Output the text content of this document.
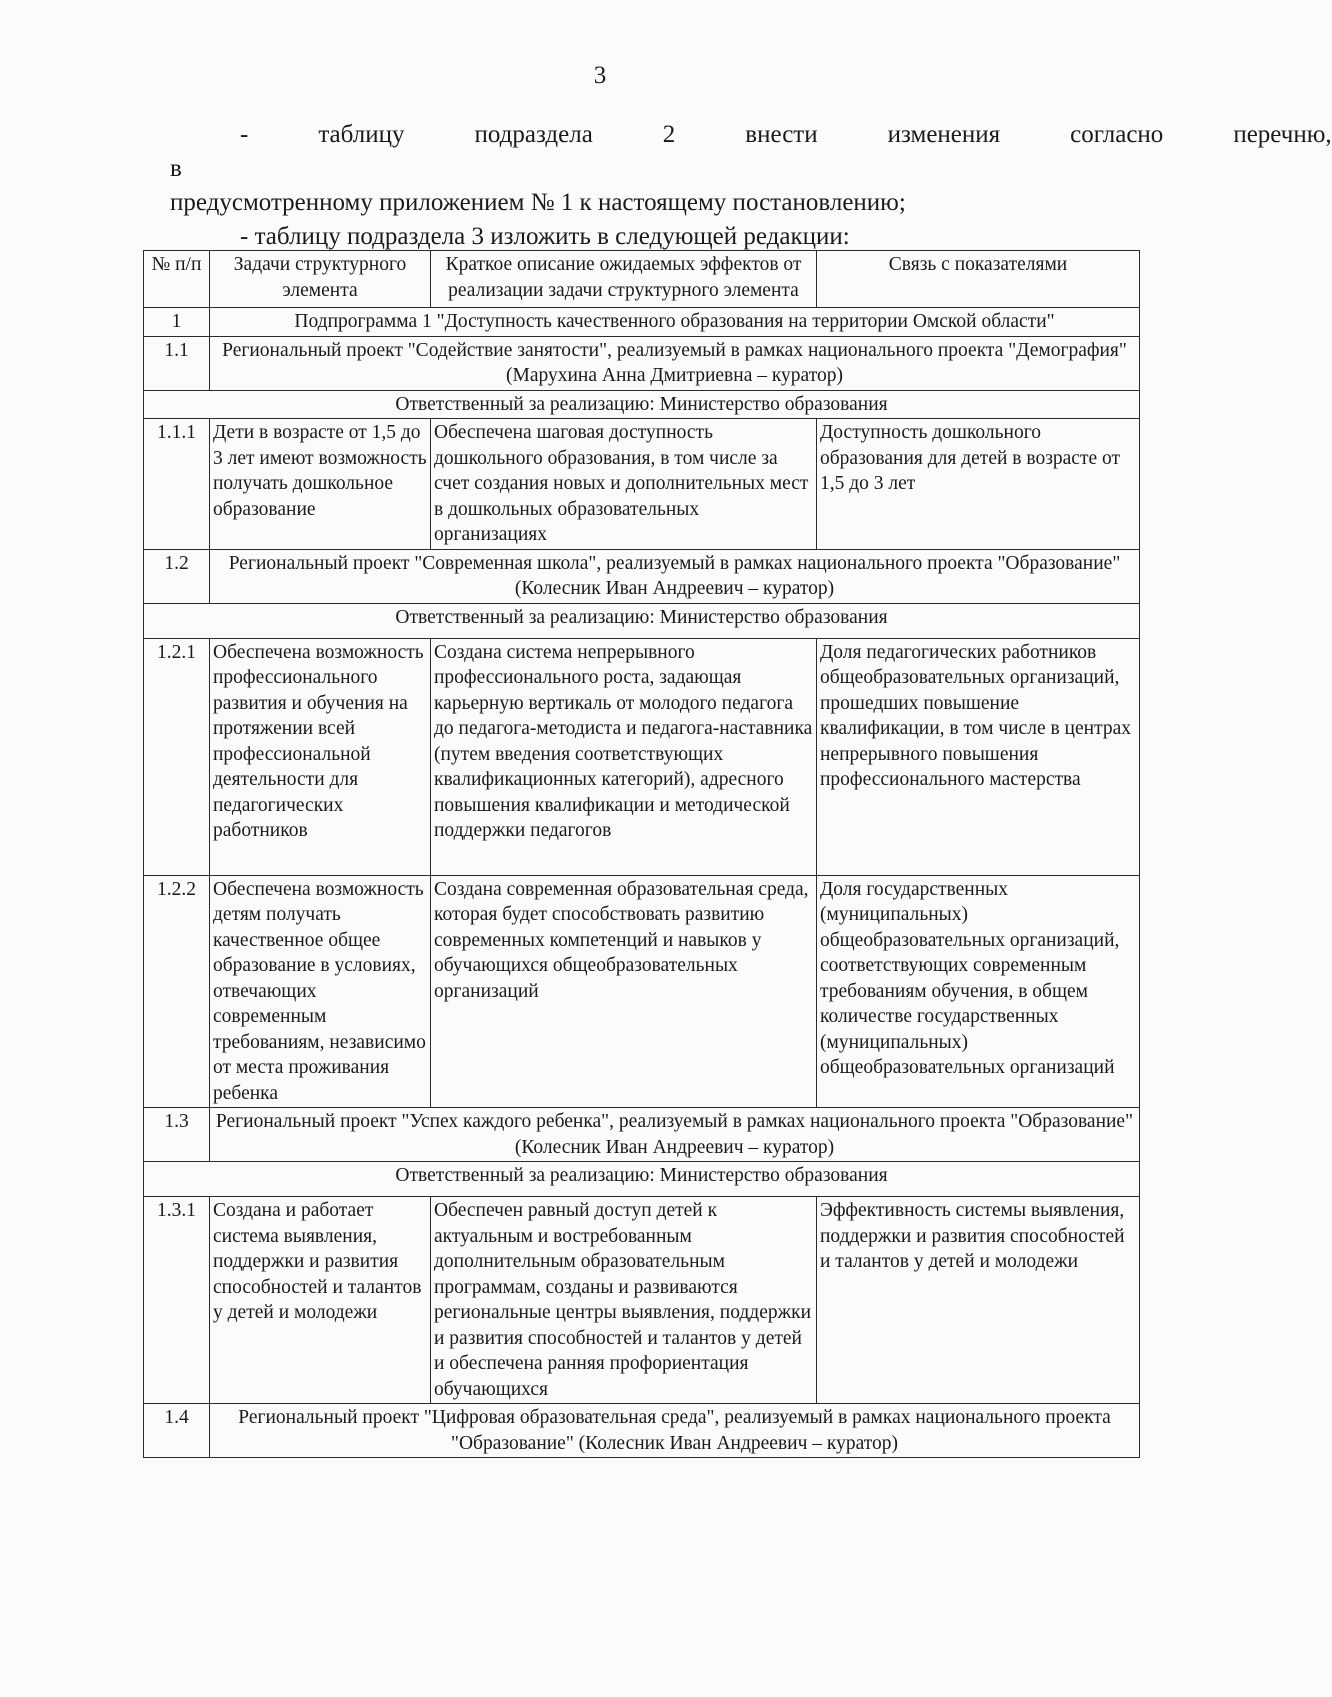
3
- в
таблицу	подраздела	2	внести	изменения	согласно	перечню,
предусмотренному приложением № 1 к настоящему постановлению;
- таблицу подраздела 3 изложить в следующей редакции:
№ п/п	Задачи структурного элемента	Краткое описание ожидаемых эффектов от реализации задачи структурного элемента	Связь с показателями
1	Подпрограмма 1 "Доступность качественного образования на территории Омской области"		
1.1	Региональный проект "Содействие занятости", реализуемый в рамках национального проекта "Демография" (Марухина Анна Дмитриевна – куратор)		
Ответственный за реализацию: Министерство образования			
1.1.1	Дети в возрасте от 1,5 до 3 лет имеют возможность получать дошкольное образование	Обеспечена шаговая доступность дошкольного образования, в том числе за счет создания новых и дополнительных мест в дошкольных образовательных организациях	Доступность дошкольного образования для детей в возрасте от 1,5 до 3 лет
1.2	Региональный проект "Современная школа", реализуемый в рамках национального проекта "Образование" (Колесник Иван Андреевич – куратор)		
Ответственный за реализацию: Министерство образования			
1.2.1	Обеспечена возможность профессионального развития и обучения на протяжении всей профессиональной деятельности для педагогических работников	Создана система непрерывного профессионального роста, задающая карьерную вертикаль от молодого педагога до педагога-методиста и педагога-наставника (путем введения соответствующих квалификационных категорий), адресного повышения квалификации и методической поддержки педагогов	Доля педагогических работников общеобразовательных организаций, прошедших повышение квалификации, в том числе в центрах непрерывного повышения профессионального мастерства
1.2.2	Обеспечена возможность детям получать качественное общее образование в условиях, отвечающих современным требованиям, независимо от места проживания ребенка	Создана современная образовательная среда, которая будет способствовать развитию современных компетенций и навыков у обучающихся общеобразовательных организаций	Доля государственных (муниципальных) общеобразовательных организаций, соответствующих современным требованиям обучения, в общем количестве государственных (муниципальных) общеобразовательных организаций
1.3	Региональный проект "Успех каждого ребенка", реализуемый в рамках национального проекта "Образование" (Колесник Иван Андреевич – куратор)		
Ответственный за реализацию: Министерство образования			
1.3.1	Создана и работает система выявления, поддержки и развития способностей и талантов у детей и молодежи	Обеспечен равный доступ детей к актуальным и востребованным дополнительным образовательным программам, созданы и развиваются региональные центры выявления, поддержки и развития способностей и талантов у детей и обеспечена ранняя профориентация обучающихся	Эффективность системы выявления, поддержки и развития способностей и талантов у детей и молодежи
1.4	Региональный проект "Цифровая образовательная среда", реализуемый в рамках национального проекта "Образование" (Колесник Иван Андреевич – куратор)		
